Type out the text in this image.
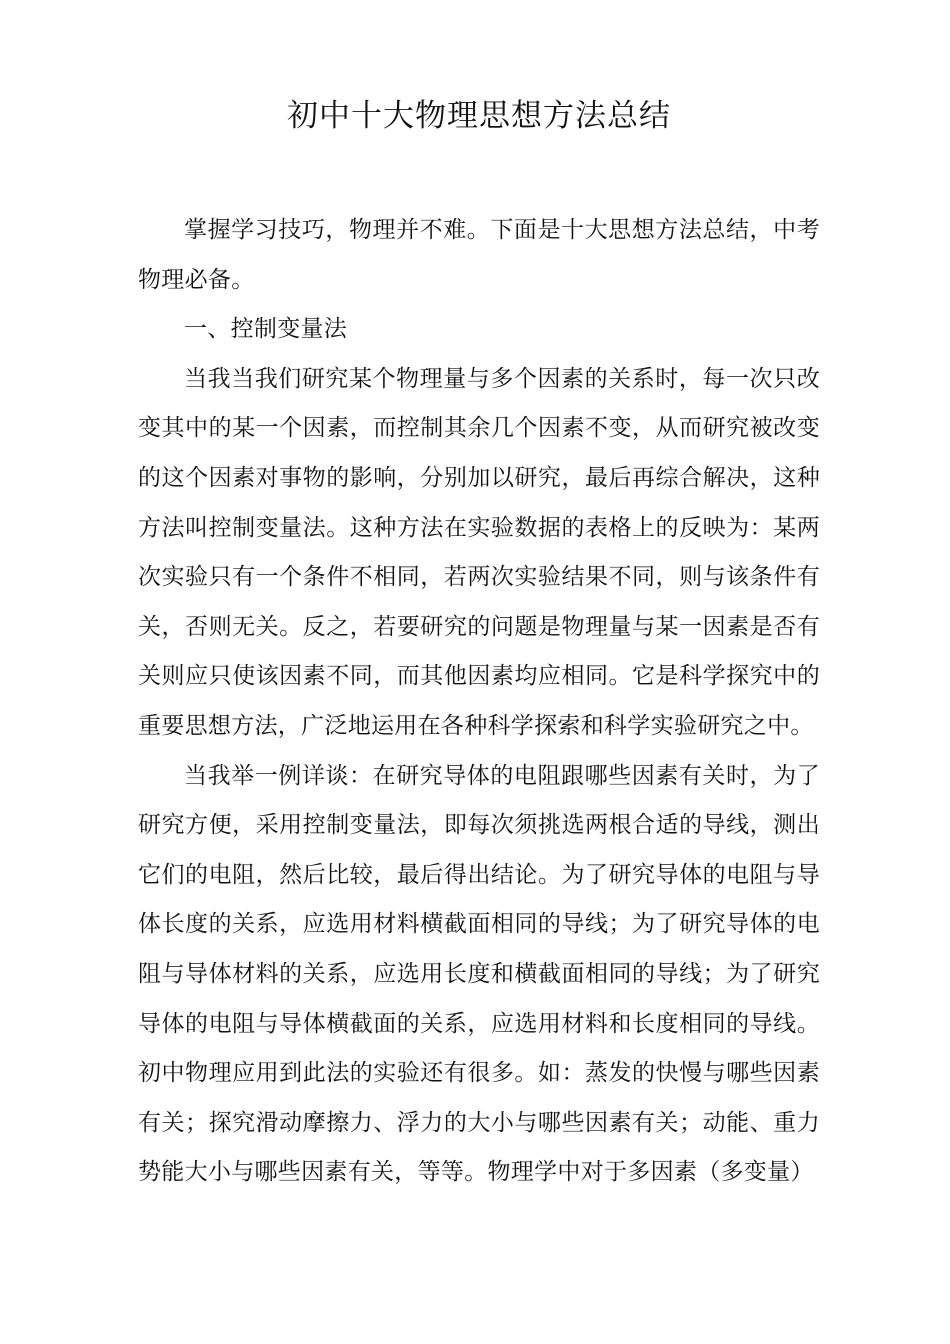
初中十大物理思想方法总结

掌握学习技巧，物理并不难。下面是十大思想方法总结，中考物理必备。

一、控制变量法

当我当我们研究某个物理量与多个因素的关系时，每一次只改变其中的某一个因素，而控制其余几个因素不变，从而研究被改变的这个因素对事物的影响，分别加以研究，最后再综合解决，这种方法叫控制变量法。这种方法在实验数据的表格上的反映为：某两次实验只有一个条件不相同，若两次实验结果不同，则与该条件有关，否则无关。反之，若要研究的问题是物理量与某一因素是否有关则应只使该因素不同，而其他因素均应相同。它是科学探究中的重要思想方法，广泛地运用在各种科学探索和科学实验研究之中。

当我举一例详谈：在研究导体的电阻跟哪些因素有关时，为了研究方便，采用控制变量法，即每次须挑选两根合适的导线，测出它们的电阻，然后比较，最后得出结论。为了研究导体的电阻与导体长度的关系，应选用材料横截面相同的导线；为了研究导体的电阻与导体材料的关系，应选用长度和横截面相同的导线；为了研究导体的电阻与导体横截面的关系，应选用材料和长度相同的导线。初中物理应用到此法的实验还有很多。如：蒸发的快慢与哪些因素有关；探究滑动摩擦力、浮力的大小与哪些因素有关；动能、重力势能大小与哪些因素有关，等等。物理学中对于多因素（多变量）
